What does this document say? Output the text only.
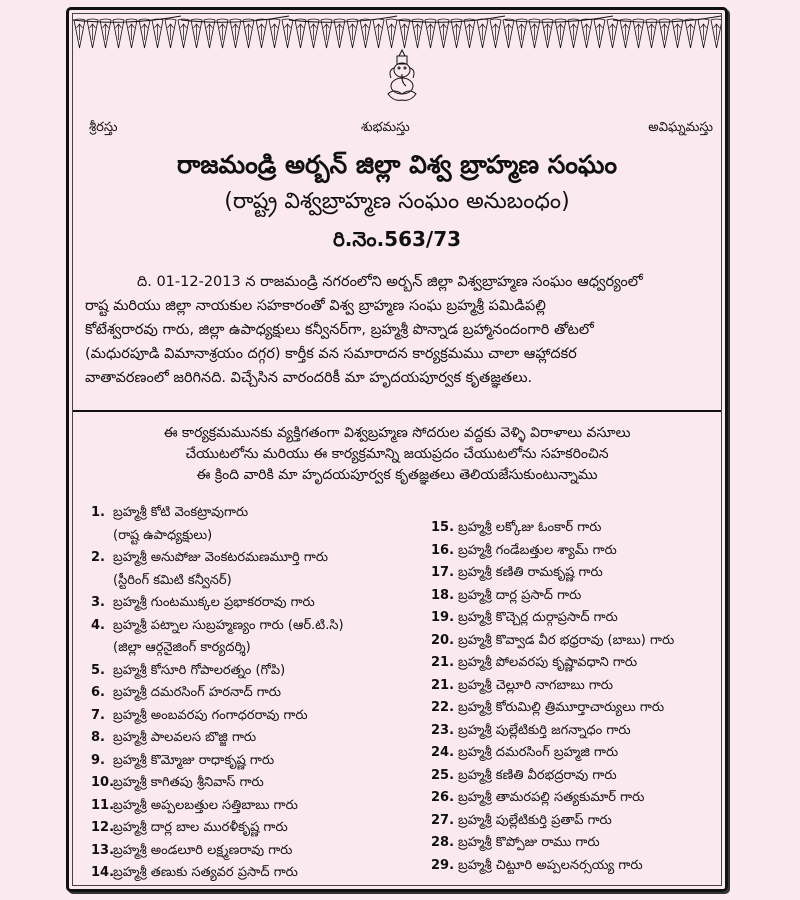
శ్రీరస్తు	శుభమస్తు	అవిఘ్నమస్తు
రాజమండ్రి అర్బన్ జిల్లా విశ్వ బ్రాహ్మణ సంఘం
(రాష్ట్ర విశ్వబ్రాహ్మణ సంఘం అనుబంధం)
రి.నెం.563/73
ది. 01-12-2013 న రాజమండ్రి నగరంలోని అర్బన్ జిల్లా విశ్వబ్రాహ్మణ సంఘం ఆధ్వర్యంలో
రాష్ట మరియు జిల్లా నాయకుల సహకారంతో విశ్వ బ్రాహ్మణ సంఘ బ్రహ్మశ్రీ పమిడిపల్లి
కోటేశ్వరారవు గారు, జిల్లా ఉపాధ్యక్షులు కన్వీనర్‌గా, బ్రహ్మశ్రీ పొన్నాడ బ్రహ్మానందంగారి తోటలో
(మధురపూడి విమానాశ్రయం దగ్గర) కార్తీక వన సమారాదన కార్యక్రమము చాలా ఆహ్లాదకర
వాతావరణంలో జరిగినది. విచ్చేసిన వారందరికీ మా హృదయపూర్వక కృతజ్ఞతలు.
ఈ కార్యక్రమమునకు వ్యక్తిగతంగా విశ్వబ్రహ్మణ సోదరుల వద్దకు వెళ్ళి విరాళాలు వసూలు
చేయుటలోను మరియు ఈ కార్యక్రమాన్ని జయప్రదం చేయుటలోను సహకరించిన
ఈ క్రింది వారికి మా హృదయపూర్వక కృతజ్ఞతలు తెలియజేసుకుంటున్నాము
1. బ్రహ్మశ్రీ కోటి వెంకట్రావుగారు
(రాష్ట ఉపాధ్యక్షులు)
2. బ్రహ్మశ్రీ అనుపోజు వెంకటరమణమూర్తి గారు
(స్టీరింగ్ కమిటి కన్వీనర్)
3. బ్రహ్మశ్రీ గుంటముక్కల ప్రభాకరరావు గారు
4. బ్రహ్మశ్రీ పట్నాల సుబ్రహ్మణ్యం గారు (ఆర్.టి.సి)
(జిల్లా ఆర్గనైజింగ్ కార్యదర్శి)
5. బ్రహ్మశ్రీ కోసూరి గోపాలరత్నం (గోపి)
6. బ్రహ్మశ్రీ దమరసింగ్ హరనాద్ గారు
7. బ్రహ్మశ్రీ అంబవరపు గంగాధరరావు గారు
8. బ్రహ్మశ్రీ పాలవలస బొజ్జి గారు
9. బ్రహ్మశ్రీ కొమ్మోజు రాధాకృష్ణ గారు
10.బ్రహ్మశ్రీ కాగితపు శ్రీనివాస్ గారు
11.బ్రహ్మశ్రీ అప్పలబత్తుల సత్తిబాబు గారు
12.బ్రహ్మశ్రీ దార్ల బాల మురళీకృష్ణ గారు
13.బ్రహ్మశ్రీ అండలూరి లక్ష్మణరావు గారు
14.బ్రహ్మశ్రీ తణుకు సత్యవర ప్రసాద్ గారు
15. బ్రహ్మశ్రీ లక్కోజు ఓంకార్ గారు
16. బ్రహ్మశ్రీ గండేబత్తుల శ్యామ్ గారు
17. బ్రహ్మశ్రీ కణితి రామకృష్ణ గారు
18. బ్రహ్మశ్రీ దార్ల ప్రసాద్ గారు
19. బ్రహ్మశ్రీ కొచ్చెర్ల దుర్గాప్రసాద్ గారు
20. బ్రహ్మశ్రీ కొవ్వాడ వీర భధ్రరావు (బాబు) గారు
21. బ్రహ్మశ్రీ పోలవరపు కృష్ణావధాని గారు
21. బ్రహ్మశ్రీ చెల్లూరి నాగబాబు గారు
22. బ్రహ్మశ్రీ కోరుమిల్లి త్రిమూర్తాచార్యులు గారు
23. బ్రహ్మశ్రీ పుల్లేటికుర్తి జగన్నాధం గారు
24. బ్రహ్మశ్రీ దమరసింగ్ బ్రహ్మజి గారు
25. బ్రహ్మశ్రీ కణితి వీరభద్రరావు గారు
26. బ్రహ్మశ్రీ తామరపల్లి సత్యకుమార్ గారు
27. బ్రహ్మశ్రీ పుల్లేటికుర్తి ప్రతాప్ గారు
28. బ్రహ్మశ్రీ కొప్పోజు రాము గారు
29. బ్రహ్మశ్రీ చిట్టూరి అప్పలనర్సయ్య గారు
